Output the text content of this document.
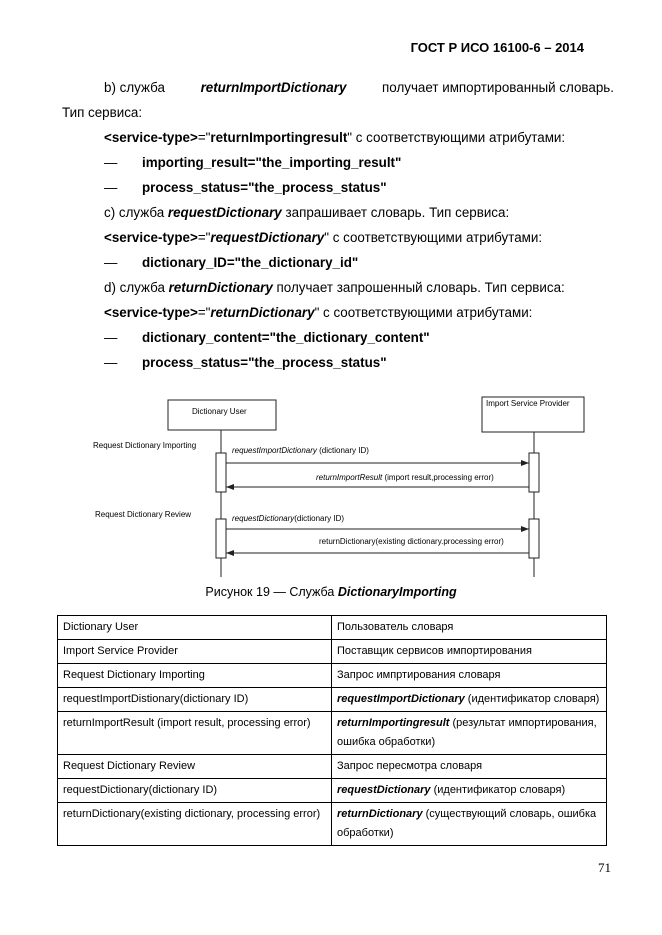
ГОСТ Р ИСО 16100-6 – 2014
b) служба	returnImportDictionary	получает импортированный словарь.
Тип сервиса:
<service-type>="returnImportingresult" с соответствующими атрибутами:
— importing_result="the_importing_result"
— process_status="the_process_status"
c) служба requestDictionary запрашивает словарь. Тип сервиса:
<service-type>="requestDictionary" с соответствующими атрибутами:
— dictionary_ID="the_dictionary_id"
d) служба returnDictionary получает запрошенный словарь. Тип сервиса:
<service-type>="returnDictionary" с соответствующими атрибутами:
— dictionary_content="the_dictionary_content"
— process_status="the_process_status"
Dictionary User
Import Service Provider
Request Dictionary Importing
Request Dictionary Review
requestImportDictionary (dictionary ID)
returnImportResult (import result,processing error)
requestDictionary(dictionary ID)
returnDictionary(existing dictionary.processing error)
Рисунок 19 — Служба DictionaryImporting
Dictionary User	Пользователь словаря
Import Service Provider	Поставщик сервисов импортирования
Request Dictionary Importing	Запрос импртирования словаря
requestImportDistionary(dictionary ID)	requestImportDictionary (идентификатор словаря)
returnImportResult (import result, processing error)	returnImportingresult (результат импортирования, ошибка обработки)
Request Dictionary Review	Запрос пересмотра словаря
requestDictionary(dictionary ID)	requestDictionary (идентификатор словаря)
returnDictionary(existing dictionary, processing error)	returnDictionary (существующий словарь, ошибка обработки)
71
